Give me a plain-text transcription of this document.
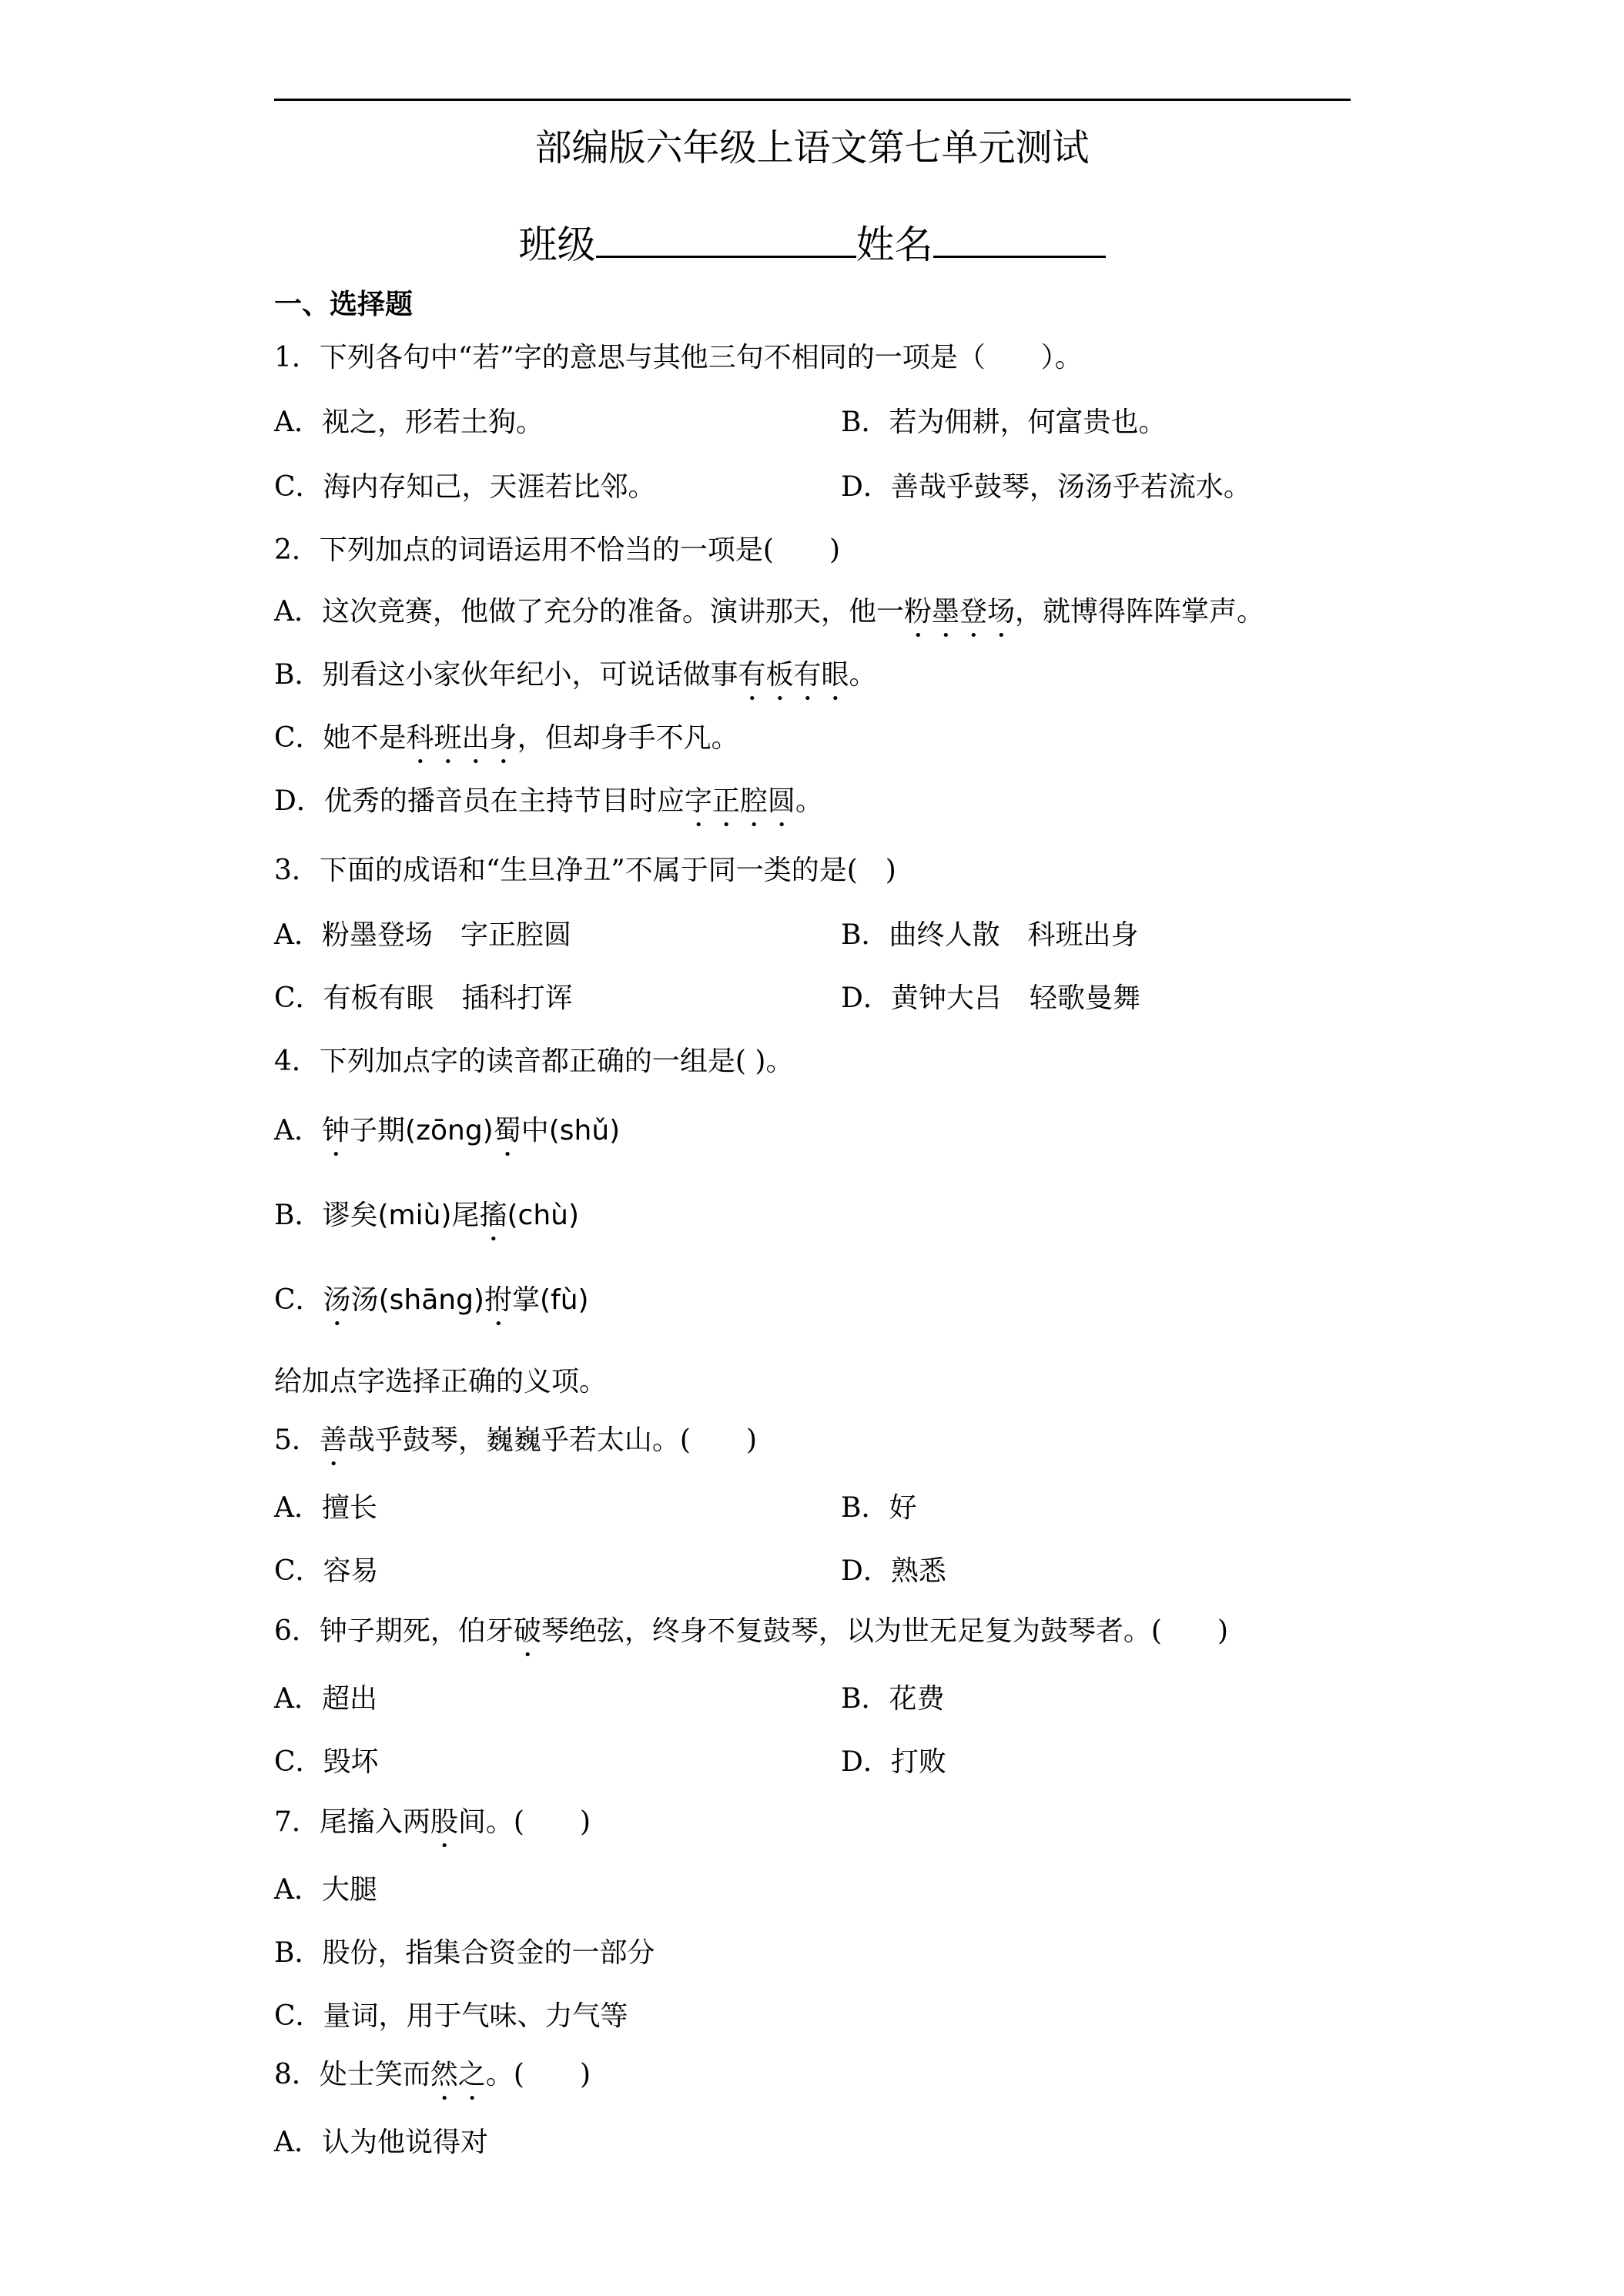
部编版六年级上语文第七单元测试
班级	姓名
一、选择题
1．下列各句中“若”字的意思与其他三句不相同的一项是（　　）。
A．视之，形若土狗。	B．若为佣耕，何富贵也。
C．海内存知己，天涯若比邻。	D．善哉乎鼓琴，汤汤乎若流水。
2．下列加点的词语运用不恰当的一项是(　　)
A．这次竞赛，他做了充分的准备。演讲那天，他一粉墨登场，就博得阵阵掌声。
B．别看这小家伙年纪小，可说话做事有板有眼。
C．她不是科班出身，但却身手不凡。
D．优秀的播音员在主持节目时应字正腔圆。
3．下面的成语和“生旦净丑”不属于同一类的是(　)
A．粉墨登场　字正腔圆	B．曲终人散　科班出身
C．有板有眼　插科打诨	D．黄钟大吕　轻歌曼舞
4．下列加点字的读音都正确的一组是( )。
A．钟子期(zōng)蜀中(shǔ)
B．谬矣(miù)尾搐(chù)
C．汤汤(shāng)拊掌(fù)
给加点字选择正确的义项。
5．善哉乎鼓琴，巍巍乎若太山。(　　)
A．擅长	B．好
C．容易	D．熟悉
6．钟子期死，伯牙破琴绝弦，终身不复鼓琴，以为世无足复为鼓琴者。(　　)
A．超出	B．花费
C．毁坏	D．打败
7．尾搐入两股间。(　　)
A．大腿
B．股份，指集合资金的一部分
C．量词，用于气味、力气等
8．处士笑而然之。(　　)
A．认为他说得对
